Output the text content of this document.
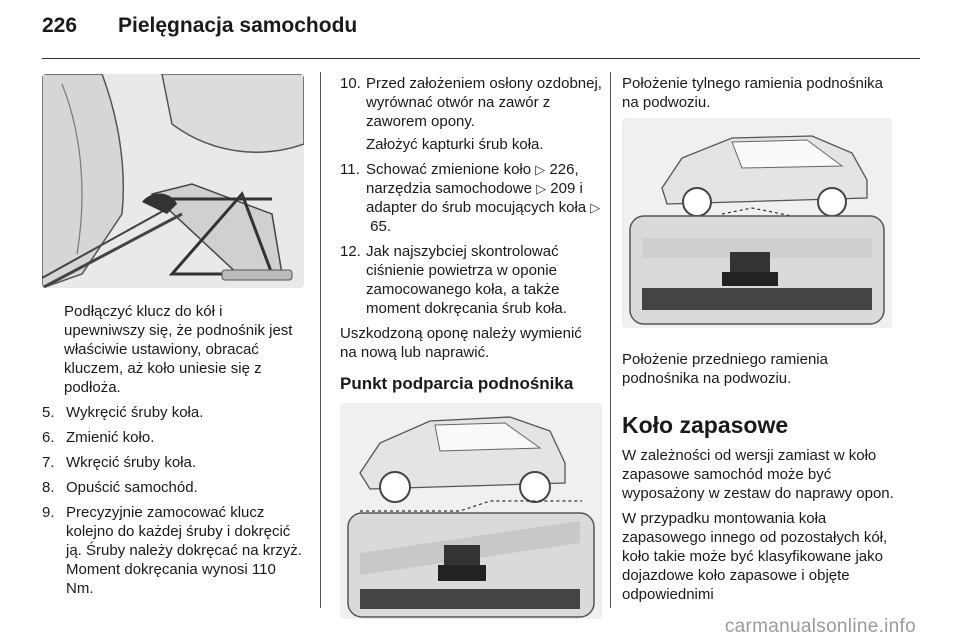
226	Pielęgnacja samochodu

Podłączyć klucz do kół i upewniwszy się, że podnośnik jest właściwie ustawiony, obracać kluczem, aż koło uniesie się z podłoża.

5. Wykręcić śruby koła.
6. Zmienić koło.
7. Wkręcić śruby koła.
8. Opuścić samochód.
9. Precyzyjnie zamocować klucz kolejno do każdej śruby i dokręcić ją. Śruby należy dokręcać na krzyż. Moment dokręcania wynosi 110 Nm.
10. Przed założeniem osłony ozdobnej, wyrównać otwór na zawór z zaworem opony.
Założyć kapturki śrub koła.
11. Schować zmienione koło ▷ 226, narzędzia samochodowe ▷ 209 i adapter do śrub mocujących koła ▷ 65.
12. Jak najszybciej skontrolować ciśnienie powietrza w oponie zamocowanego koła, a także moment dokręcania śrub koła.

Uszkodzoną oponę należy wymienić na nową lub naprawić.

Punkt podparcia podnośnika

Położenie tylnego ramienia podnośnika na podwoziu.

Położenie przedniego ramienia podnośnika na podwoziu.

Koło zapasowe

W zależności od wersji zamiast w koło zapasowe samochód może być wyposażony w zestaw do naprawy opon.

W przypadku montowania koła zapasowego innego od pozostałych kół, koło takie może być klasyfikowane jako dojazdowe koło zapasowe i objęte odpowiednimi

carmanualsonline.info
